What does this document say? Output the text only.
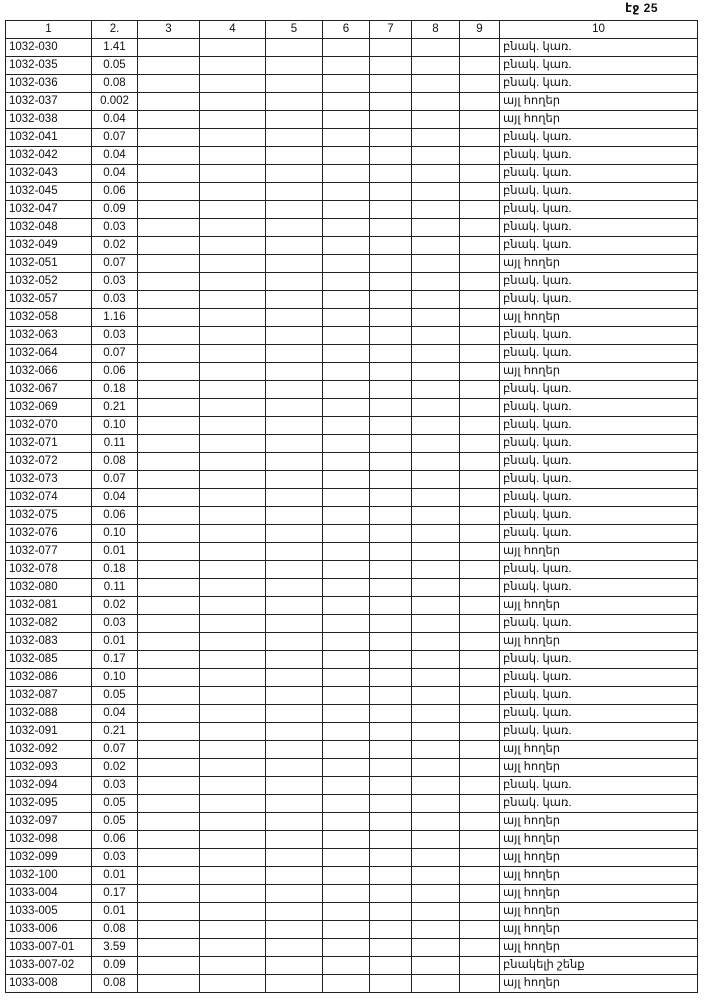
էջ 25
1	2.	3	4	5	6	7	8	9	10
1032-030	1.41								բնակ. կառ.
1032-035	0.05								բնակ. կառ.
1032-036	0.08								բնակ. կառ.
1032-037	0.002								այլ հողեր
1032-038	0.04								այլ հողեր
1032-041	0.07								բնակ. կառ.
1032-042	0.04								բնակ. կառ.
1032-043	0.04								բնակ. կառ.
1032-045	0.06								բնակ. կառ.
1032-047	0.09								բնակ. կառ.
1032-048	0.03								բնակ. կառ.
1032-049	0.02								բնակ. կառ.
1032-051	0.07								այլ հողեր
1032-052	0.03								բնակ. կառ.
1032-057	0.03								բնակ. կառ.
1032-058	1.16								այլ հողեր
1032-063	0.03								բնակ. կառ.
1032-064	0.07								բնակ. կառ.
1032-066	0.06								այլ հողեր
1032-067	0.18								բնակ. կառ.
1032-069	0.21								բնակ. կառ.
1032-070	0.10								բնակ. կառ.
1032-071	0.11								բնակ. կառ.
1032-072	0.08								բնակ. կառ.
1032-073	0.07								բնակ. կառ.
1032-074	0.04								բնակ. կառ.
1032-075	0.06								բնակ. կառ.
1032-076	0.10								բնակ. կառ.
1032-077	0.01								այլ հողեր
1032-078	0.18								բնակ. կառ.
1032-080	0.11								բնակ. կառ.
1032-081	0.02								այլ հողեր
1032-082	0.03								բնակ. կառ.
1032-083	0.01								այլ հողեր
1032-085	0.17								բնակ. կառ.
1032-086	0.10								բնակ. կառ.
1032-087	0.05								բնակ. կառ.
1032-088	0.04								բնակ. կառ.
1032-091	0.21								բնակ. կառ.
1032-092	0.07								այլ հողեր
1032-093	0.02								այլ հողեր
1032-094	0.03								բնակ. կառ.
1032-095	0.05								բնակ. կառ.
1032-097	0.05								այլ հողեր
1032-098	0.06								այլ հողեր
1032-099	0.03								այլ հողեր
1032-100	0.01								այլ հողեր
1033-004	0.17								այլ հողեր
1033-005	0.01								այլ հողեր
1033-006	0.08								այլ հողեր
1033-007-01	3.59								այլ հողեր
1033-007-02	0.09								բնակելի շենք
1033-008	0.08								այլ հողեր
